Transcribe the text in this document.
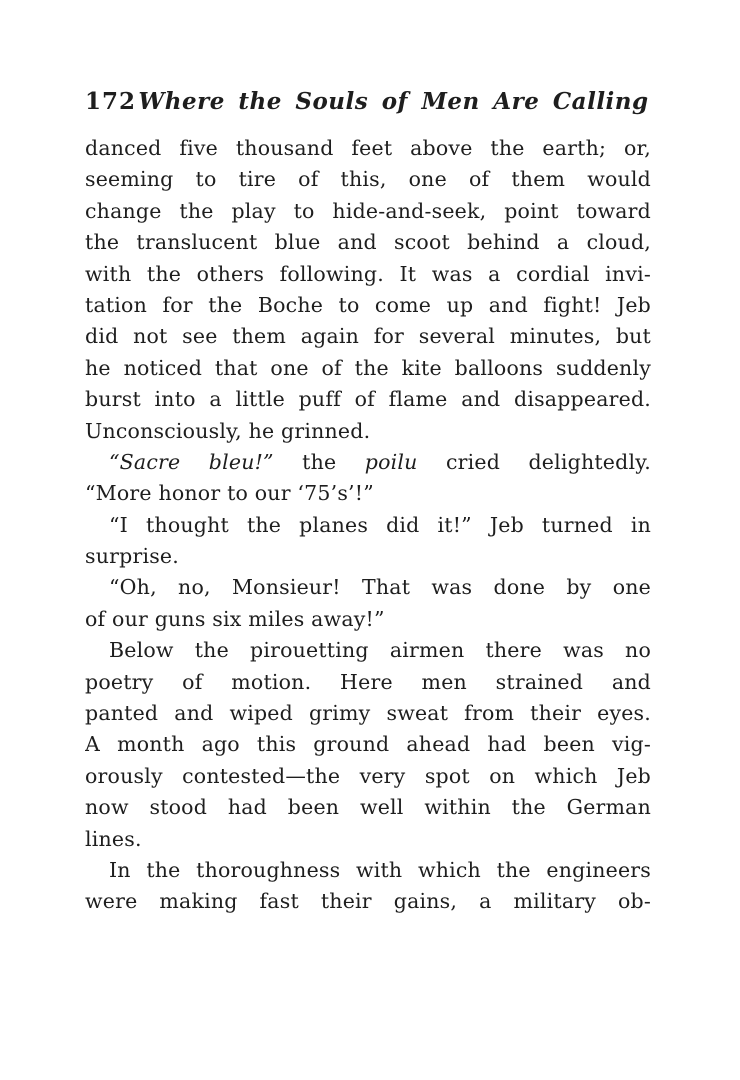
172 Where the Souls of Men Are Calling
danced five thousand feet above the earth; or,
seeming to tire of this, one of them would
change the play to hide-and-seek, point toward
the translucent blue and scoot behind a cloud,
with the others following. It was a cordial invi-
tation for the Boche to come up and fight! Jeb
did not see them again for several minutes, but
he noticed that one of the kite balloons suddenly
burst into a little puff of flame and disappeared.
Unconsciously, he grinned.
“Sacre bleu!” the poilu cried delightedly.
“More honor to our ‘75’s’!”
“I thought the planes did it!” Jeb turned in
surprise.
“Oh, no, Monsieur! That was done by one
of our guns six miles away!”
Below the pirouetting airmen there was no
poetry of motion. Here men strained and
panted and wiped grimy sweat from their eyes.
A month ago this ground ahead had been vig-
orously contested—the very spot on which Jeb
now stood had been well within the German
lines.
In the thoroughness with which the engineers
were making fast their gains, a military ob-
